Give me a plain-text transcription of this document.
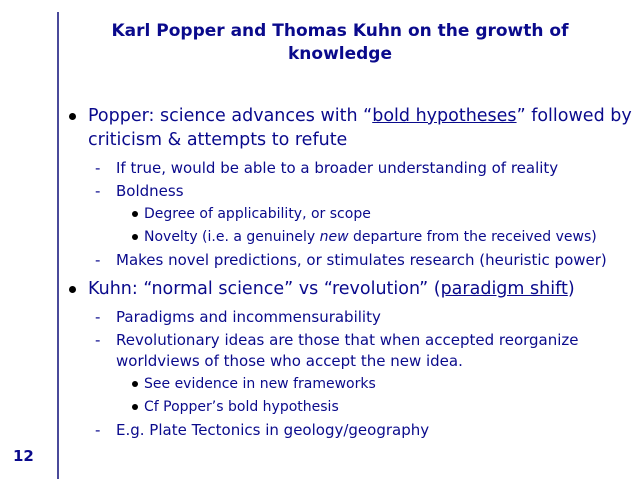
12
Karl Popper and Thomas Kuhn on the growth of
knowledge
Popper: science advances with “bold hypotheses” followed by criticism & attempts to refute
- If true, would be able to a broader understanding of reality
- Boldness
Degree of applicability, or scope
Novelty (i.e. a genuinely new departure from the received vews)
- Makes novel predictions, or stimulates research (heuristic power)
Kuhn: “normal science” vs “revolution” (paradigm shift)
- Paradigms and incommensurability
- Revolutionary ideas are those that when accepted reorganize worldviews of those who accept the new idea.
See evidence in new frameworks
Cf Popper’s bold hypothesis
- E.g. Plate Tectonics in geology/geography
